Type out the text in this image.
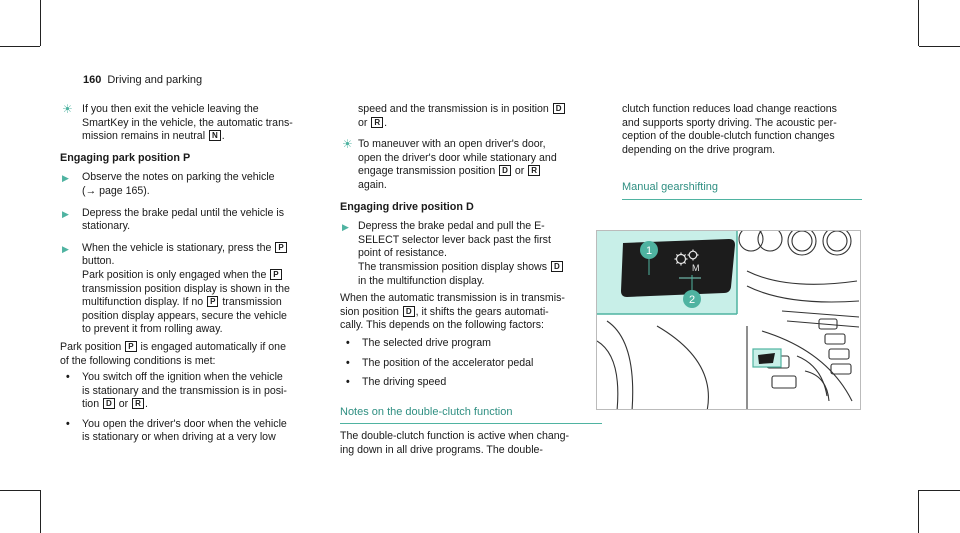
160 Driving and parking
☀ If you then exit the vehicle leaving the
SmartKey in the vehicle, the automatic trans-
mission remains in neutral N .

Engaging park position P
▶ Observe the notes on parking the vehicle
(→ page 165).

▶ Depress the brake pedal until the vehicle is
stationary.

▶ When the vehicle is stationary, press the P
button.
Park position is only engaged when the P
transmission position display is shown in the
multifunction display. If no P transmission
position display appears, secure the vehicle
to prevent it from rolling away.

Park position P is engaged automatically if one
of the following conditions is met:

• You switch off the ignition when the vehicle
is stationary and the transmission is in posi-
tion D or R .

• You open the driver's door when the vehicle
is stationary or when driving at a very low

speed and the transmission is in position D
or R .

☀ To maneuver with an open driver's door,
open the driver's door while stationary and
engage transmission position D or R
again.

Engaging drive position D
▶ Depress the brake pedal and pull the E-
SELECT selector lever back past the first
point of resistance.
The transmission position display shows D
in the multifunction display.

When the automatic transmission is in transmis-
sion position D , it shifts the gears automati-
cally. This depends on the following factors:

• The selected drive program

• The position of the accelerator pedal

• The driving speed

Notes on the double-clutch function

The double-clutch function is active when chang-
ing down in all drive programs. The double-

clutch function reduces load change reactions
and supports sporty driving. The acoustic per-
ception of the double-clutch function changes
depending on the drive program.

Manual gearshifting
M
1
2
